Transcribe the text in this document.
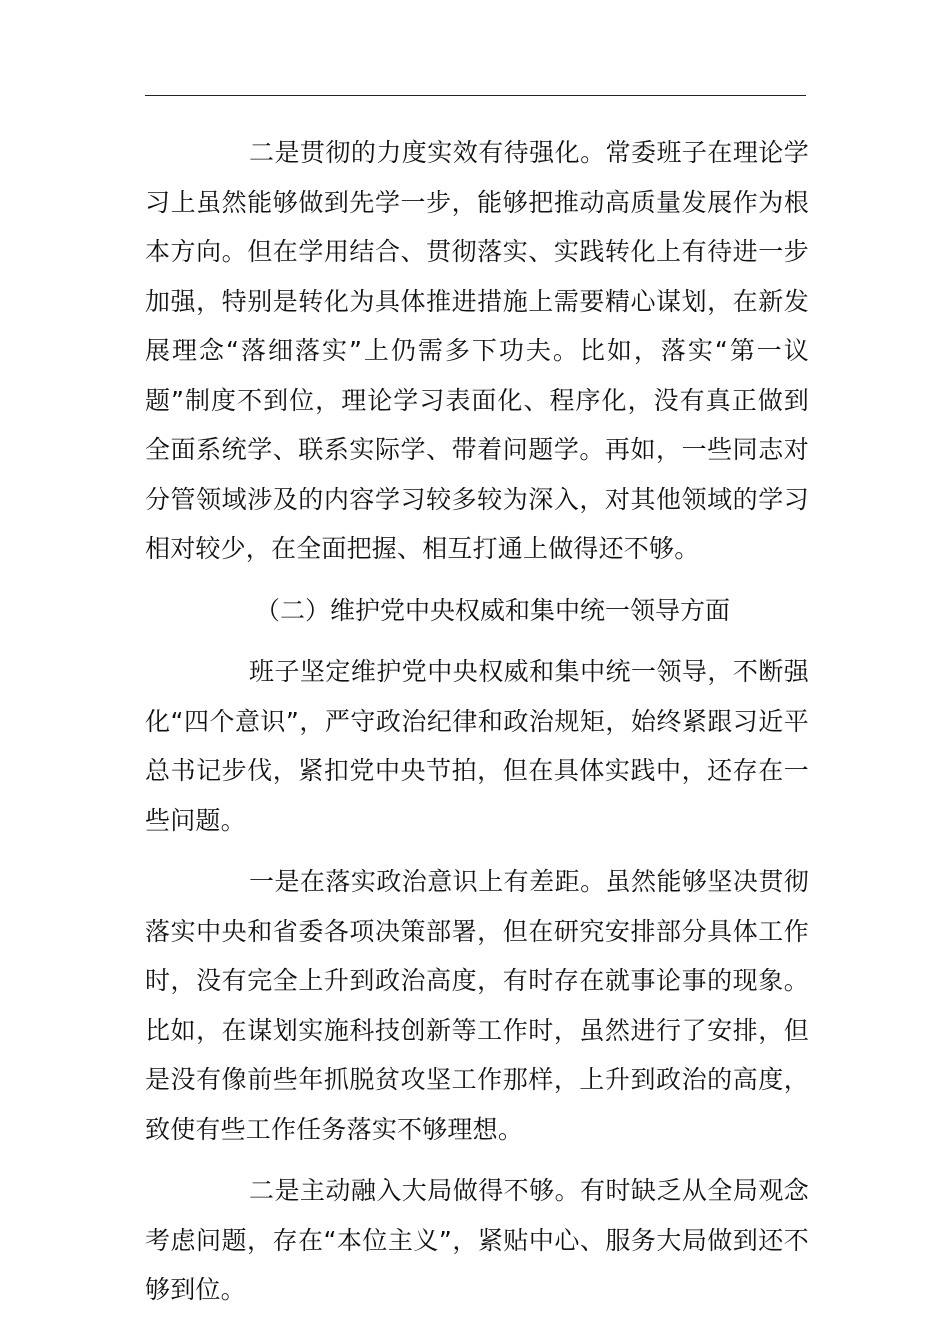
二是贯彻的力度实效有待强化。常委班子在理论学习上虽然能够做到先学一步，能够把推动高质量发展作为根本方向。但在学用结合、贯彻落实、实践转化上有待进一步加强，特别是转化为具体推进措施上需要精心谋划，在新发展理念“落细落实”上仍需多下功夫。比如，落实“第一议题”制度不到位，理论学习表面化、程序化，没有真正做到全面系统学、联系实际学、带着问题学。再如，一些同志对分管领域涉及的内容学习较多较为深入，对其他领域的学习相对较少，在全面把握、相互打通上做得还不够。

（二）维护党中央权威和集中统一领导方面

班子坚定维护党中央权威和集中统一领导，不断强化“四个意识”，严守政治纪律和政治规矩，始终紧跟习近平总书记步伐，紧扣党中央节拍，但在具体实践中，还存在一些问题。

一是在落实政治意识上有差距。虽然能够坚决贯彻落实中央和省委各项决策部署，但在研究安排部分具体工作时，没有完全上升到政治高度，有时存在就事论事的现象。比如，在谋划实施科技创新等工作时，虽然进行了安排，但是没有像前些年抓脱贫攻坚工作那样，上升到政治的高度，致使有些工作任务落实不够理想。

二是主动融入大局做得不够。有时缺乏从全局观念考虑问题，存在“本位主义”，紧贴中心、服务大局做到还不够到位。
